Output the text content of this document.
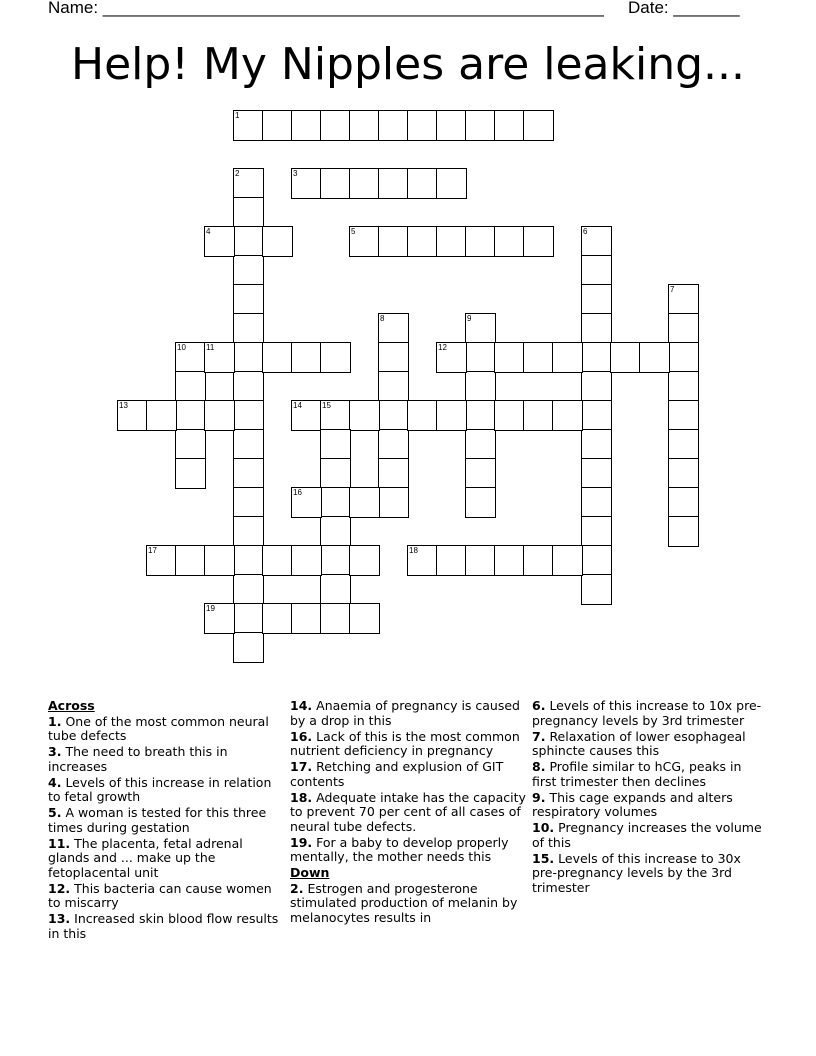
Name: _____________________________________________________ Date: _______
Help! My Nipples are leaking...
1
2	3
4	5	6
7
8	9
10	11	12
13	14	15
16
17	18
19
Across
1. One of the most common neural tube defects
3. The need to breath this in increases
4. Levels of this increase in relation to fetal growth
5. A woman is tested for this three times during gestation
11. The placenta, fetal adrenal glands and ... make up the fetoplacental unit
12. This bacteria can cause women to miscarry
13. Increased skin blood flow results in this
14. Anaemia of pregnancy is caused by a drop in this
16. Lack of this is the most common nutrient deficiency in pregnancy
17. Retching and explusion of GIT contents
18. Adequate intake has the capacity to prevent 70 per cent of all cases of neural tube defects.
19. For a baby to develop properly mentally, the mother needs this
Down
2. Estrogen and progesterone stimulated production of melanin by melanocytes results in
6. Levels of this increase to 10x pre-pregnancy levels by 3rd trimester
7. Relaxation of lower esophageal sphincte causes this
8. Profile similar to hCG, peaks in first trimester then declines
9. This cage expands and alters respiratory volumes
10. Pregnancy increases the volume of this
15. Levels of this increase to 30x pre-pregnancy levels by the 3rd trimester
